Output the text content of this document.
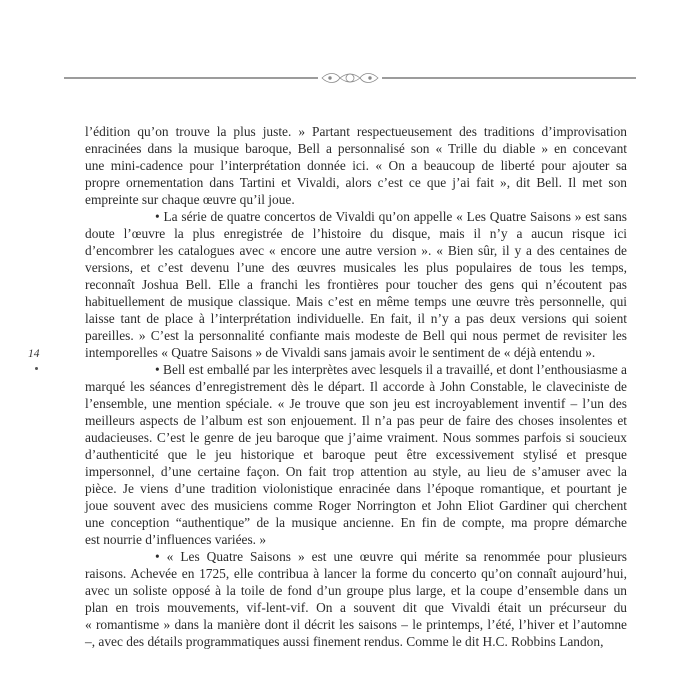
14
l’édition qu’on trouve la plus juste. » Partant respectueusement des traditions d’improvisation
enracinées dans la musique baroque, Bell a personnalisé son « Trille du diable » en concevant
une mini-cadence pour l’interprétation donnée ici. « On a beaucoup de liberté pour ajouter sa
propre ornementation dans Tartini et Vivaldi, alors c’est ce que j’ai fait », dit Bell. Il met son
empreinte sur chaque œuvre qu’il joue.
• La série de quatre concertos de Vivaldi qu’on appelle « Les Quatre Saisons » est sans
doute l’œuvre la plus enregistrée de l’histoire du disque, mais il n’y a aucun risque ici
d’encombrer les catalogues avec « encore une autre version ». « Bien sûr, il y a des centaines de
versions, et c’est devenu l’une des œuvres musicales les plus populaires de tous les temps,
reconnaît Joshua Bell. Elle a franchi les frontières pour toucher des gens qui n’écoutent pas
habituellement de musique classique. Mais c’est en même temps une œuvre très personnelle, qui
laisse tant de place à l’interprétation individuelle. En fait, il n’y a pas deux versions qui soient
pareilles. » C’est la personnalité confiante mais modeste de Bell qui nous permet de revisiter les
intemporelles « Quatre Saisons » de Vivaldi sans jamais avoir le sentiment de « déjà entendu ».
• Bell est emballé par les interprètes avec lesquels il a travaillé, et dont l’enthousiasme a
marqué les séances d’enregistrement dès le départ. Il accorde à John Constable, le claveciniste de
l’ensemble, une mention spéciale. « Je trouve que son jeu est incroyablement inventif – l’un des
meilleurs aspects de l’album est son enjouement. Il n’a pas peur de faire des choses insolentes et
audacieuses. C’est le genre de jeu baroque que j’aime vraiment. Nous sommes parfois si soucieux
d’authenticité que le jeu historique et baroque peut être excessivement stylisé et presque
impersonnel, d’une certaine façon. On fait trop attention au style, au lieu de s’amuser avec la
pièce. Je viens d’une tradition violonistique enracinée dans l’époque romantique, et pourtant je
joue souvent avec des musiciens comme Roger Norrington et John Eliot Gardiner qui cherchent
une conception “authentique” de la musique ancienne. En fin de compte, ma propre démarche
est nourrie d’influences variées. »
• « Les Quatre Saisons » est une œuvre qui mérite sa renommée pour plusieurs
raisons. Achevée en 1725, elle contribua à lancer la forme du concerto qu’on connaît aujourd’hui,
avec un soliste opposé à la toile de fond d’un groupe plus large, et la coupe d’ensemble dans un
plan en trois mouvements, vif-lent-vif. On a souvent dit que Vivaldi était un précurseur du
« romantisme » dans la manière dont il décrit les saisons – le printemps, l’été, l’hiver et l’automne
–, avec des détails programmatiques aussi finement rendus. Comme le dit H.C. Robbins Landon,
